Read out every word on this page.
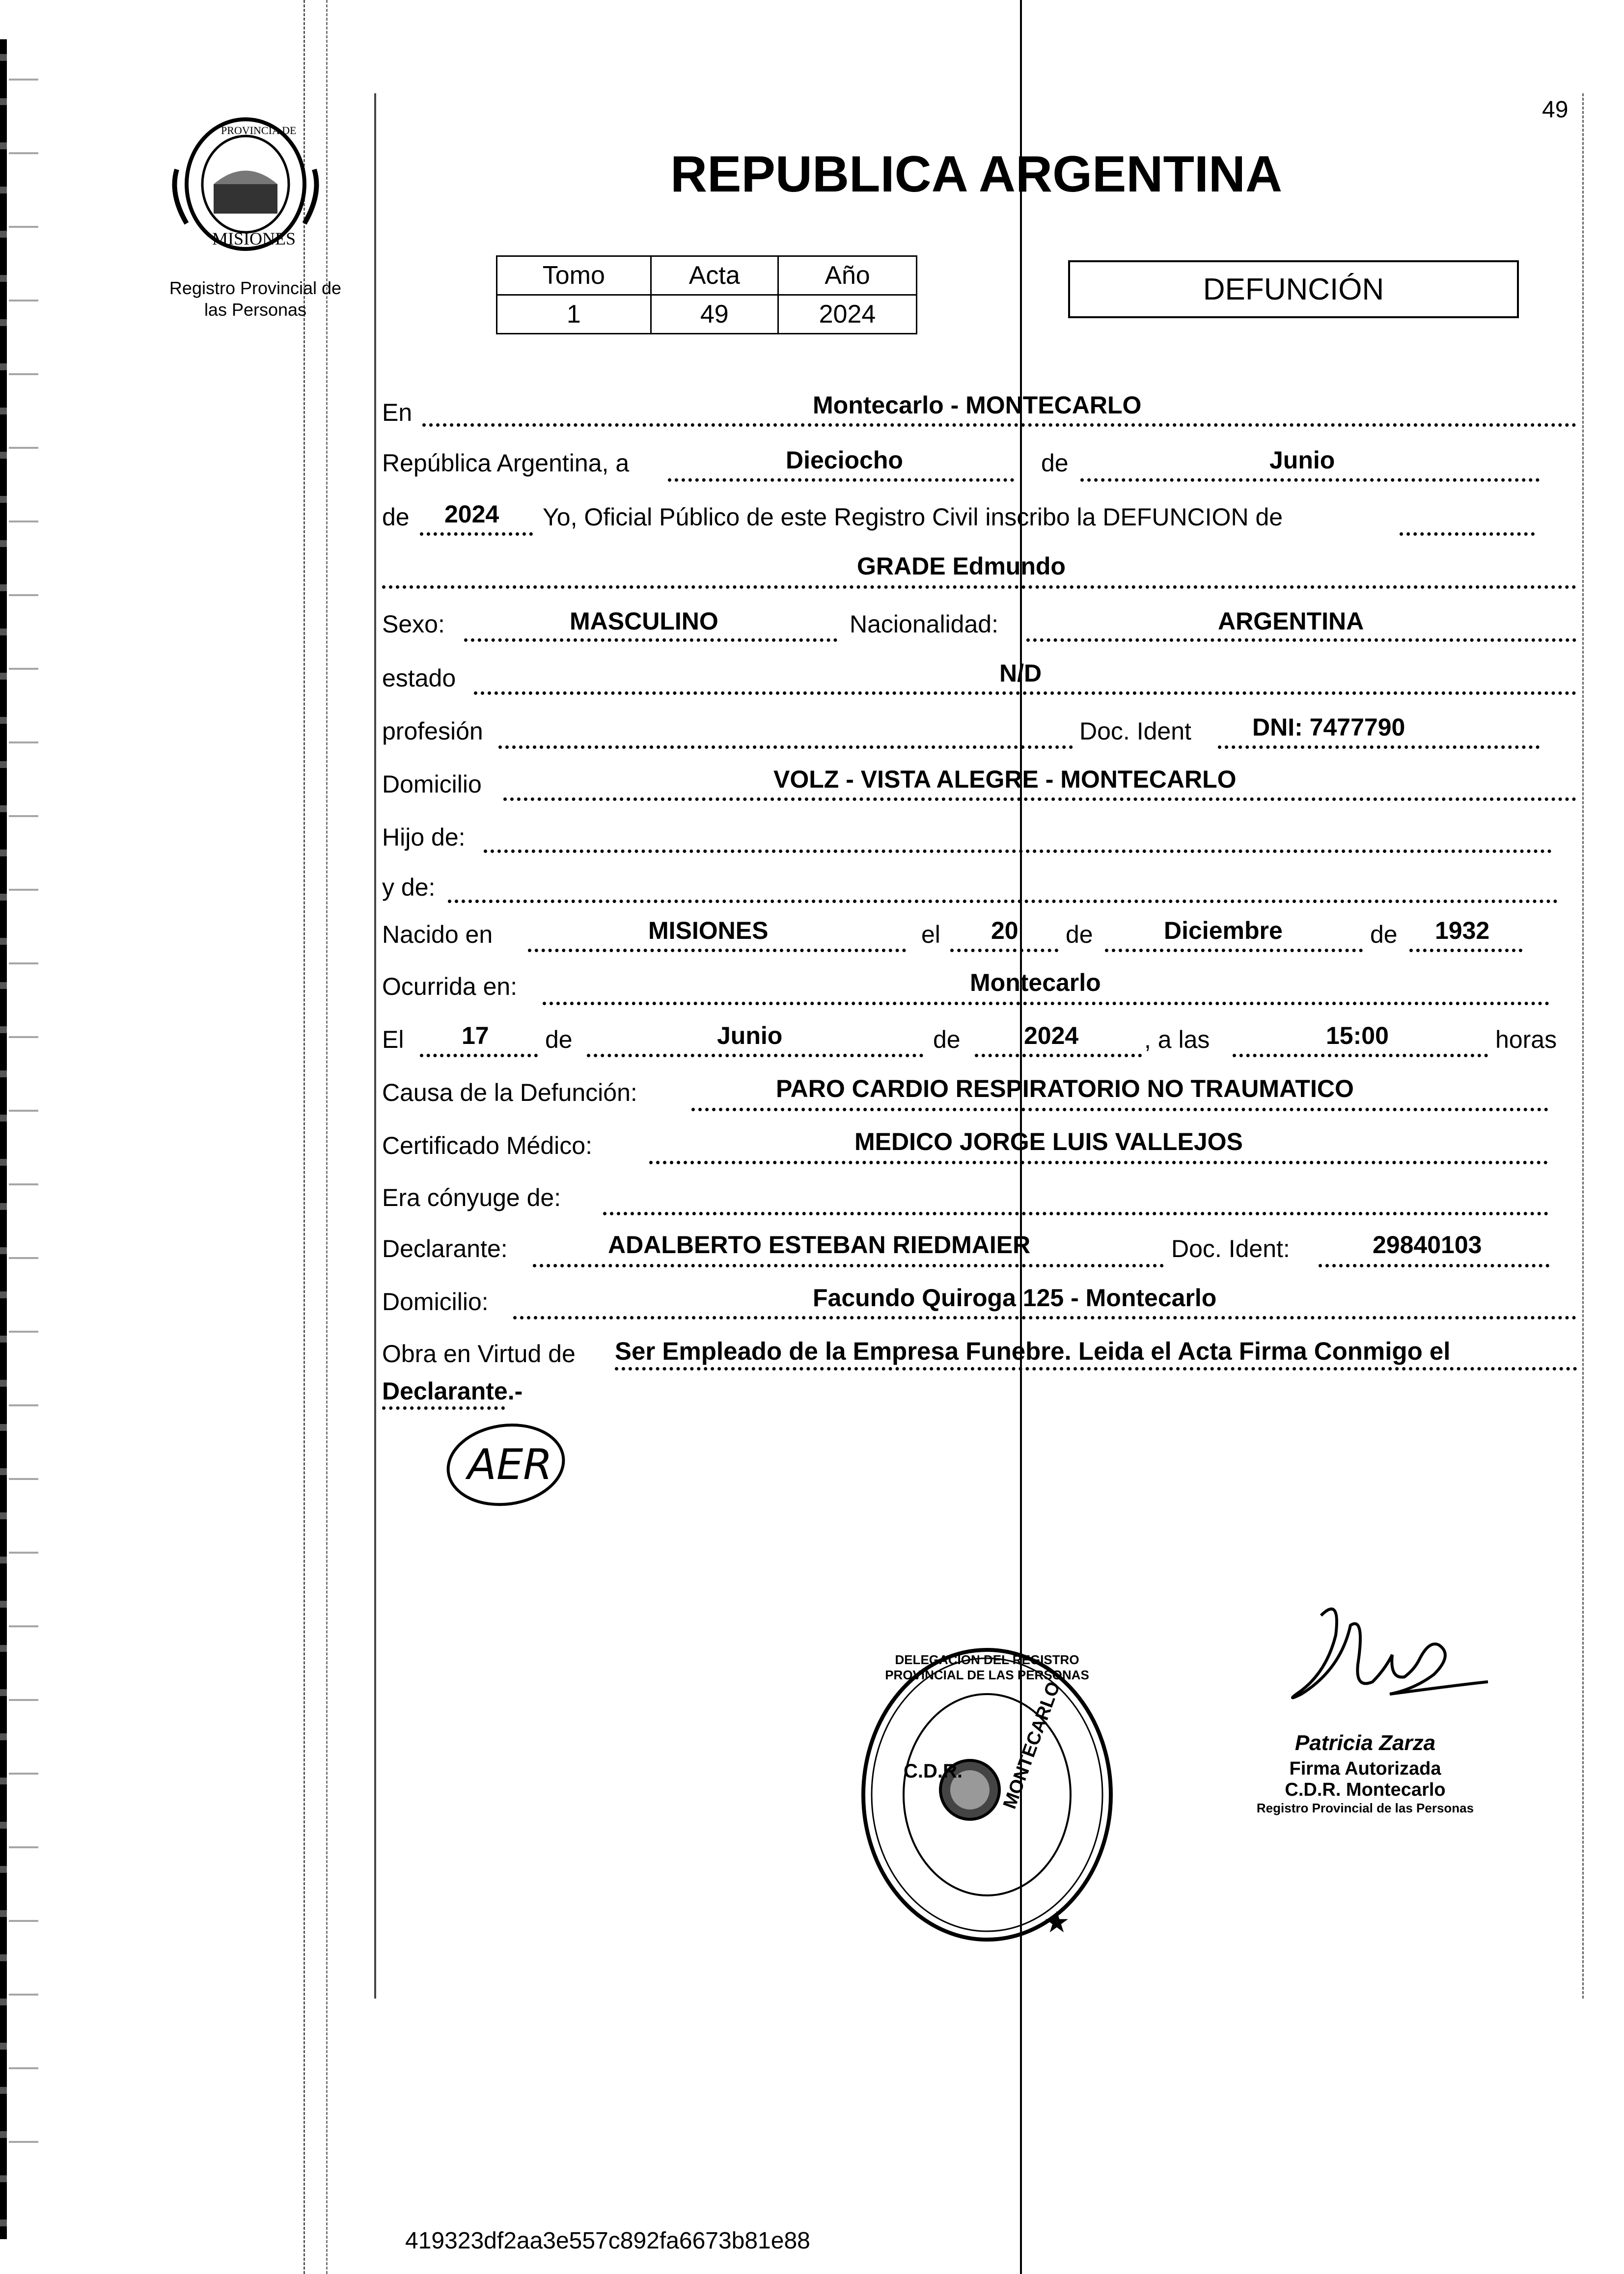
49
PROVINCIA DE
MISIONES
Registro Provincial de
las Personas
REPUBLICA ARGENTINA
Tomo	Acta	Año
1	49	2024
DEFUNCIÓN
En	Montecarlo - MONTECARLO
República Argentina, a	Dieciocho	de	Junio
de 2024 Yo, Oficial Público de este Registro Civil inscribo la DEFUNCION de
GRADE Edmundo
Sexo:	MASCULINO	Nacionalidad:	ARGENTINA
estado	N/D
profesión	Doc. Ident DNI: 7477790
Domicilio	VOLZ - VISTA ALEGRE - MONTECARLO
Hijo de:
y de:
Nacido en	MISIONES	el 20 de	Diciembre	de 1932
Ocurrida en:	Montecarlo
El 17 de	Junio	de	2024	, a las	15:00	horas
Causa de la Defunción:	PARO CARDIO RESPIRATORIO NO TRAUMATICO
Certificado Médico:	MEDICO JORGE LUIS VALLEJOS
Era cónyuge de:
Declarante:	ADALBERTO ESTEBAN RIEDMAIER	Doc. Ident:	29840103
Domicilio:	Facundo Quiroga 125 - Montecarlo
Obra en Virtud de Ser Empleado de la Empresa Funebre. Leida el Acta Firma Conmigo el
Declarante.-
AER
★
DELEGACION DEL REGISTRO PROVINCIAL DE LAS PERSONAS
C.D.R. MONTECARLO	Patricia Zarza
Firma Autorizada
C.D.R. Montecarlo
Registro Provincial de las Personas
419323df2aa3e557c892fa6673b81e88
